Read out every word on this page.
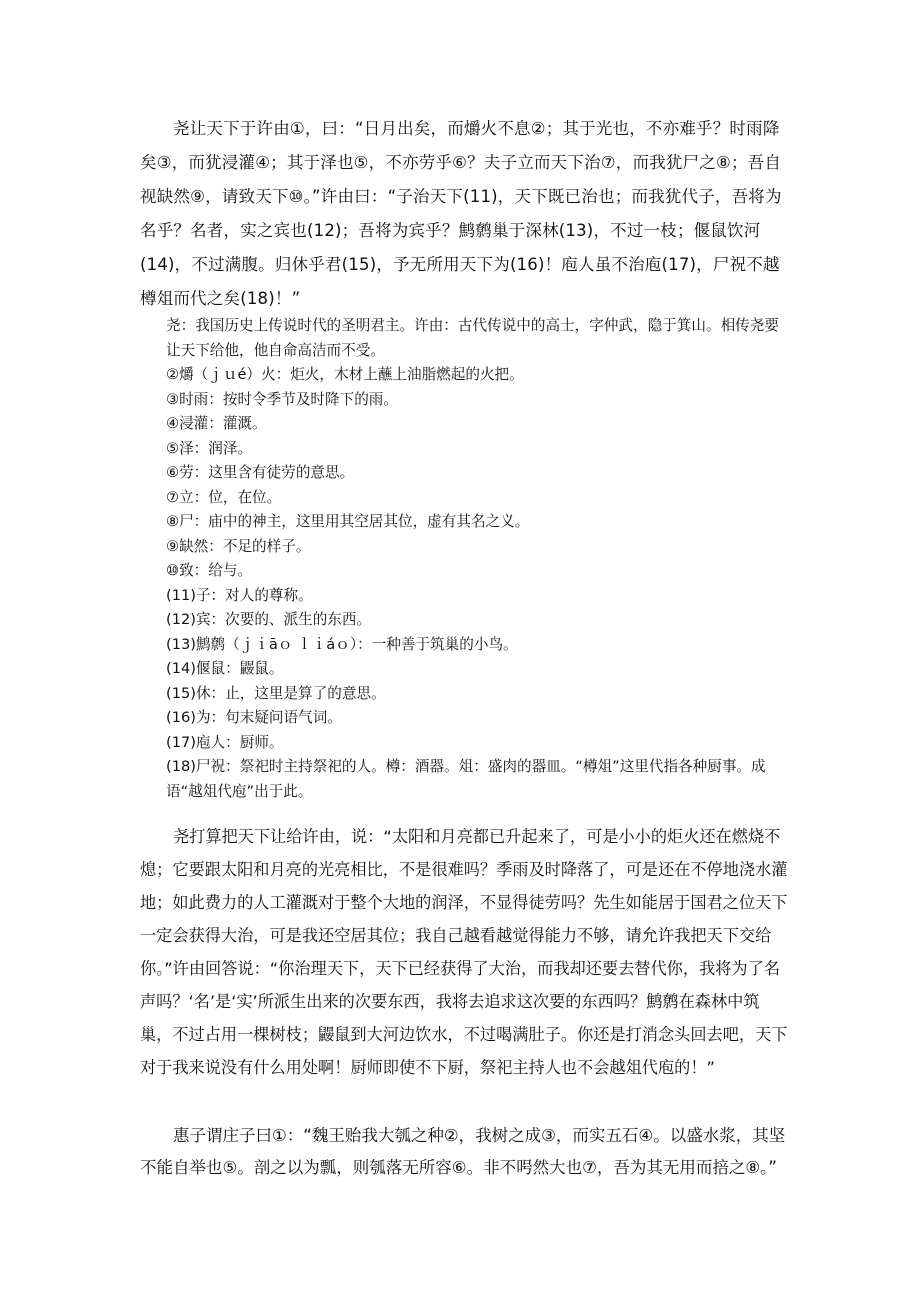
尧让天下于许由①，曰：“日月出矣，而爝火不息②；其于光也，不亦难乎？时雨降矣③，而犹浸灌④；其于泽也⑤，不亦劳乎⑥？夫子立而天下治⑦，而我犹尸之⑧；吾自视缺然⑨，请致天下⑩。”许由曰：“子治天下(11)，天下既已治也；而我犹代子，吾将为名乎？名者，实之宾也(12)；吾将为宾乎？鹪鹩巢于深林(13)，不过一枝；偃鼠饮河(14)，不过满腹。归休乎君(15)，予无所用天下为(16)！庖人虽不治庖(17)，尸祝不越樽俎而代之矣(18)！”
尧：我国历史上传说时代的圣明君主。许由：古代传说中的高士，字仲武，隐于箕山。相传尧要让天下给他，他自命高洁而不受。
②爝（ｊｕé）火：炬火，木材上蘸上油脂燃起的火把。
③时雨：按时令季节及时降下的雨。
④浸灌：灌溉。
⑤泽：润泽。
⑥劳：这里含有徒劳的意思。
⑦立：位，在位。
⑧尸：庙中的神主，这里用其空居其位，虚有其名之义。
⑨缺然：不足的样子。
⑩致：给与。
(11)子：对人的尊称。
(12)宾：次要的、派生的东西。
(13)鹪鹩（ｊｉāｏ ｌｉáｏ）：一种善于筑巢的小鸟。
(14)偃鼠：鼹鼠。
(15)休：止，这里是算了的意思。
(16)为：句末疑问语气词。
(17)庖人：厨师。
(18)尸祝：祭祀时主持祭祀的人。樽：酒器。俎：盛肉的器皿。“樽俎”这里代指各种厨事。成语“越俎代庖”出于此。
尧打算把天下让给许由，说：“太阳和月亮都已升起来了，可是小小的炬火还在燃烧不熄；它要跟太阳和月亮的光亮相比，不是很难吗？季雨及时降落了，可是还在不停地浇水灌地；如此费力的人工灌溉对于整个大地的润泽，不显得徒劳吗？先生如能居于国君之位天下一定会获得大治，可是我还空居其位；我自己越看越觉得能力不够，请允许我把天下交给你。”许由回答说：“你治理天下，天下已经获得了大治，而我却还要去替代你，我将为了名声吗？‘名’是‘实’所派生出来的次要东西，我将去追求这次要的东西吗？鹪鹩在森林中筑巢，不过占用一棵树枝；鼹鼠到大河边饮水，不过喝满肚子。你还是打消念头回去吧，天下对于我来说没有什么用处啊！厨师即使不下厨，祭祀主持人也不会越俎代庖的！”
惠子谓庄子曰①：“魏王贻我大瓠之种②，我树之成③，而实五石④。以盛水浆，其坚不能自举也⑤。剖之以为瓢，则瓠落无所容⑥。非不呺然大也⑦，吾为其无用而掊之⑧。”
